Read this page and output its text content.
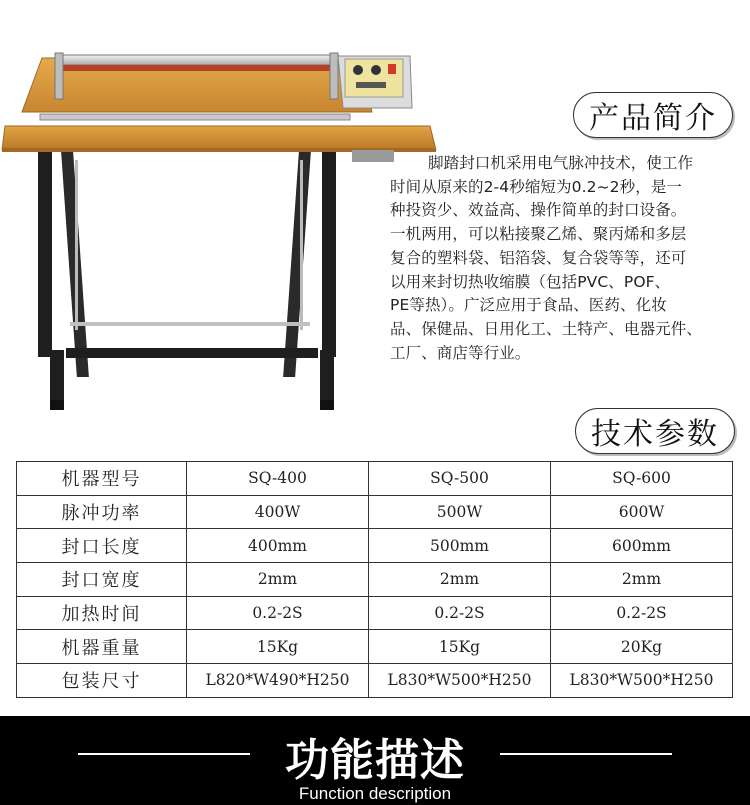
产品简介
脚踏封口机采用电气脉冲技术，使工作
时间从原来的2-4秒缩短为0.2~2秒，是一
种投资少、效益高、操作简单的封口设备。
一机两用，可以粘接聚乙烯、聚丙烯和多层
复合的塑料袋、铝箔袋、复合袋等等，还可
以用来封切热收缩膜（包括PVC、POF、
PE等热）。广泛应用于食品、医药、化妆
品、保健品、日用化工、土特产、电器元件、
工厂、商店等行业。
技术参数
机器型号	SQ-400	SQ-500	SQ-600
脉冲功率	400W	500W	600W
封口长度	400mm	500mm	600mm
封口宽度	2mm	2mm	2mm
加热时间	0.2-2S	0.2-2S	0.2-2S
机器重量	15Kg	15Kg	20Kg
包装尺寸	L820*W490*H250	L830*W500*H250	L830*W500*H250
功能描述
Function description
